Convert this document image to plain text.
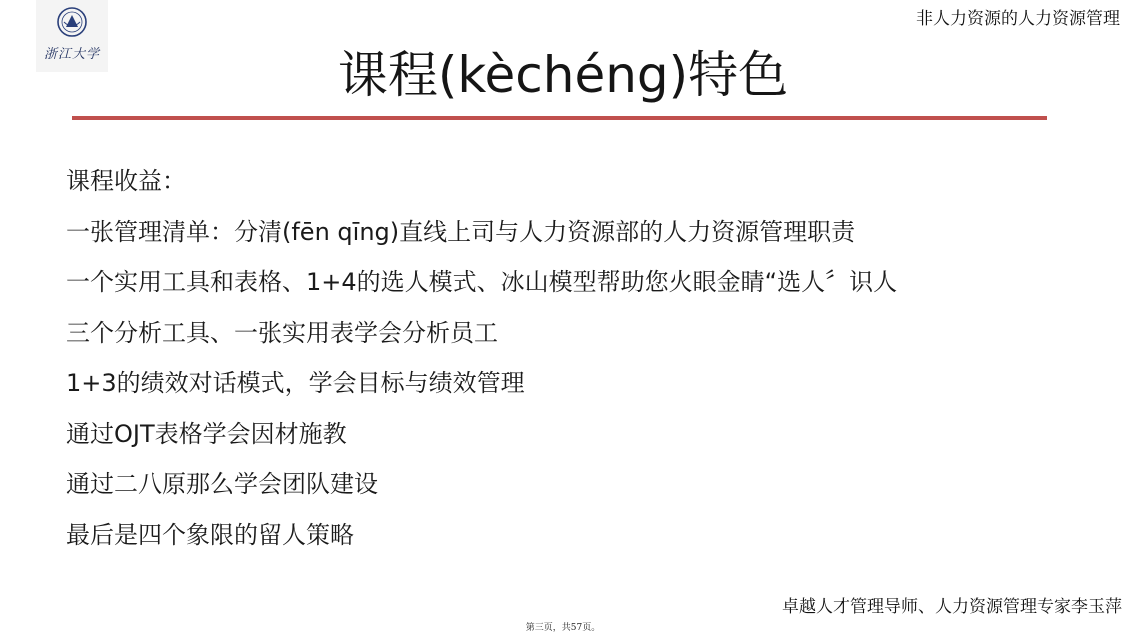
浙江大学
非人力资源的人力资源管理
课程(kèchéng)特色
课程收益：
一张管理清单：分清(fēn qīng)直线上司与人力资源部的人力资源管理职责
一个实用工具和表格、1+4的选人模式、冰山模型帮助您火眼金睛“选人〞识人
三个分析工具、一张实用表学会分析员工
1+3的绩效对话模式，学会目标与绩效管理
通过OJT表格学会因材施教
通过二八原那么学会团队建设
最后是四个象限的留人策略
卓越人才管理导师、人力资源管理专家李玉萍
第三页，共57页。
